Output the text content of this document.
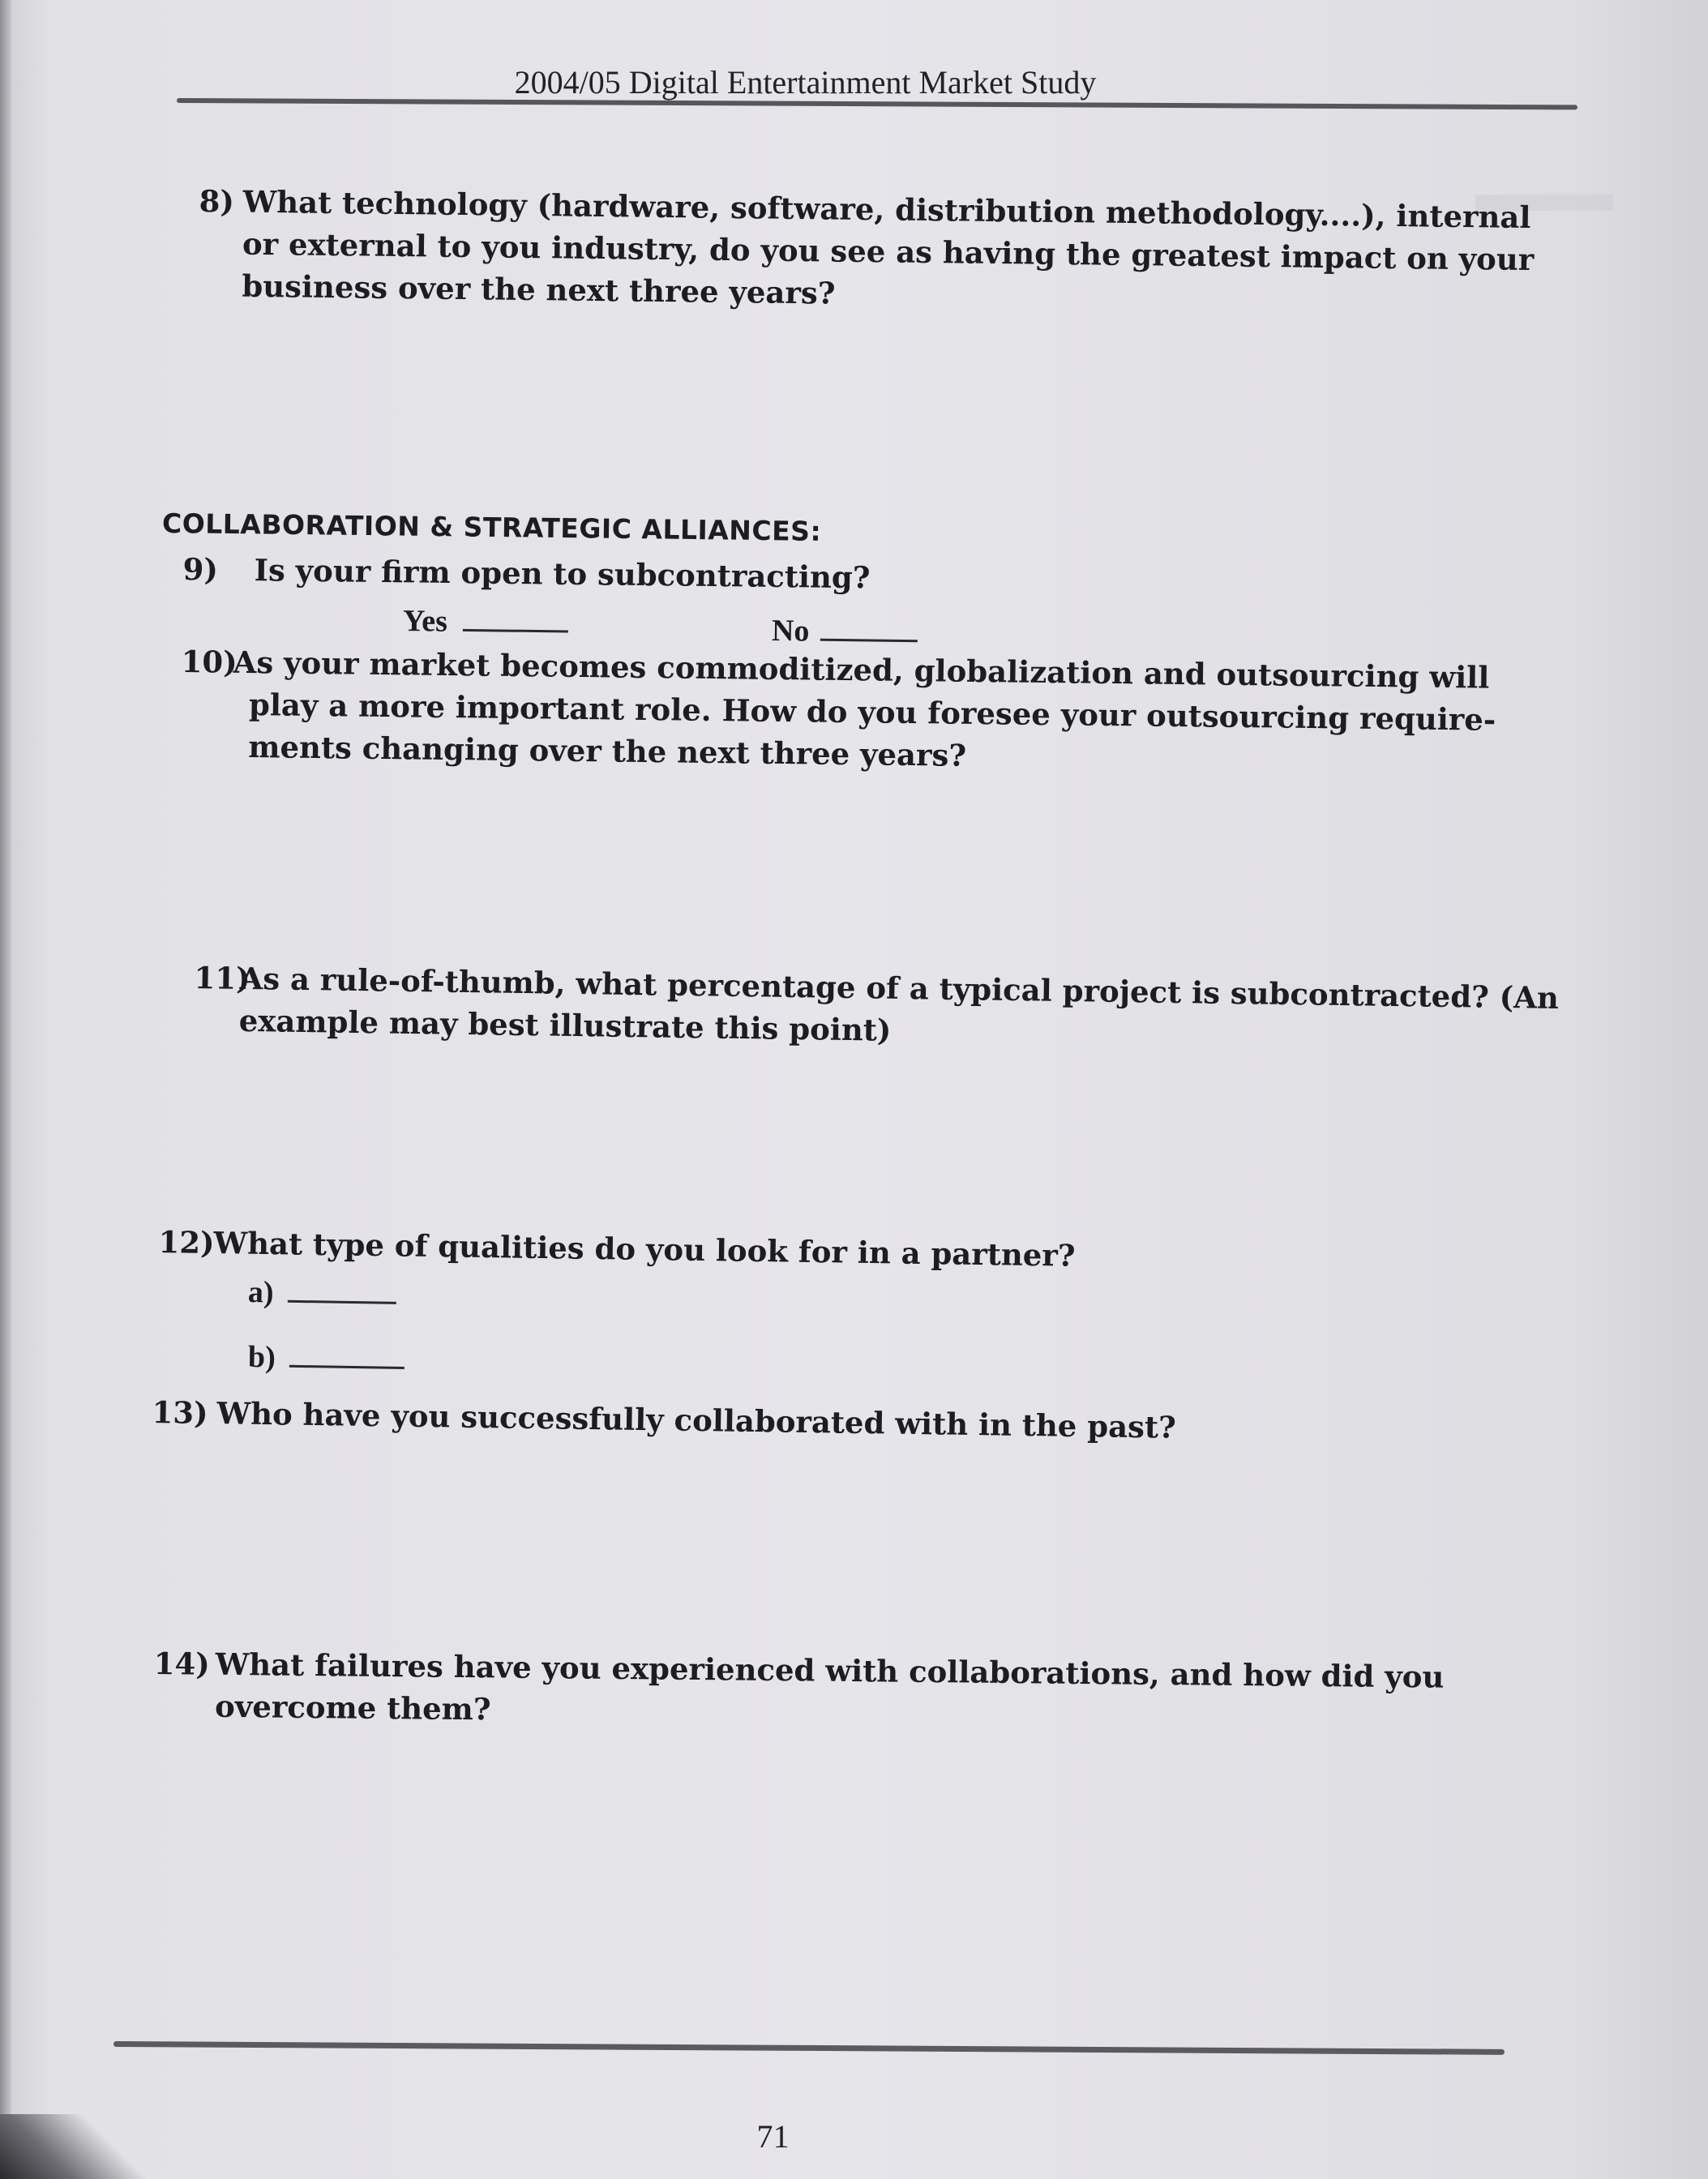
2004/05 Digital Entertainment Market Study
8) What technology (hardware, software, distribution methodology....), internal
or external to you industry, do you see as having the greatest impact on your
business over the next three years?
COLLABORATION & STRATEGIC ALLIANCES:
9) Is your firm open to subcontracting?
Yes	No
10)
As your market becomes commoditized, globalization and outsourcing will
play a more important role. How do you foresee your outsourcing require-
ments changing over the next three years?
11)
As a rule-of-thumb, what percentage of a typical project is subcontracted? (An
example may best illustrate this point)
12)
What type of qualities do you look for in a partner?
a)
b)
13) Who have you successfully collaborated with in the past?
14) What failures have you experienced with collaborations, and how did you
overcome them?
71
